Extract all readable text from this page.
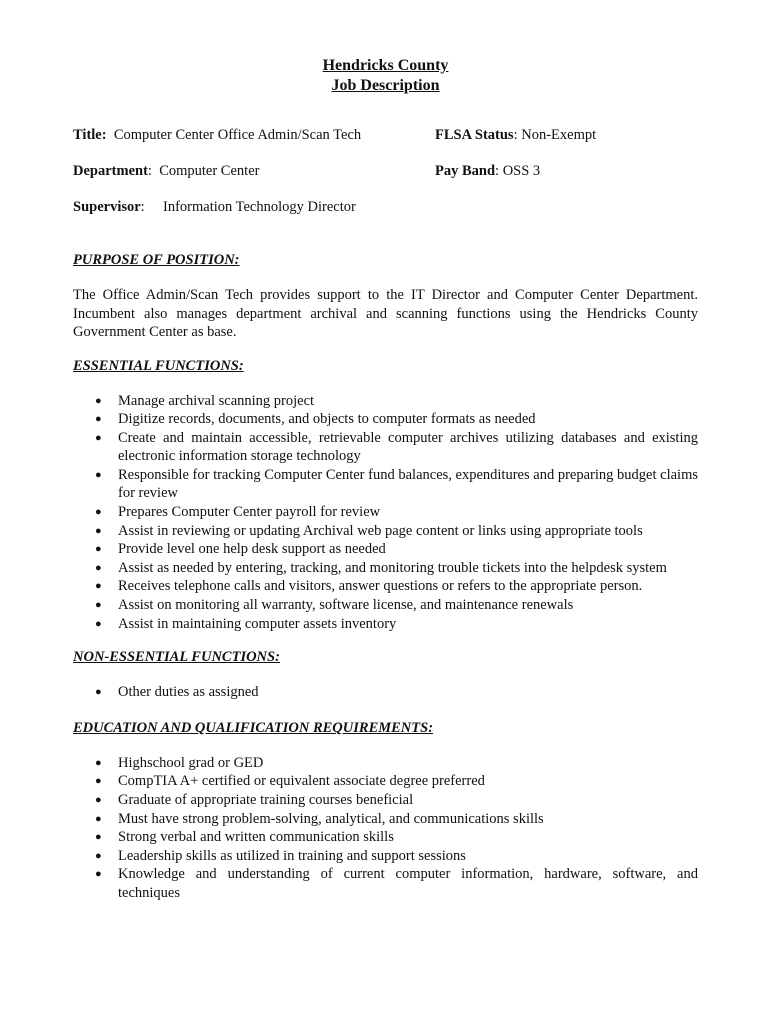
Hendricks County

Job Description

Title: Computer Center Office Admin/Scan Tech	FLSA Status: Non-Exempt
Department:  Computer Center	Pay Band: OSS 3
Supervisor: Information Technology Director

PURPOSE OF POSITION:

The Office Admin/Scan Tech provides support to the IT Director and Computer Center Department. Incumbent also manages department archival and scanning functions using the Hendricks County Government Center as base.

ESSENTIAL FUNCTIONS:

● Manage archival scanning project
● Digitize records, documents, and objects to computer formats as needed
● Create and maintain accessible, retrievable computer archives utilizing databases and existing electronic information storage technology
● Responsible for tracking Computer Center fund balances, expenditures and preparing budget claims for review
● Prepares Computer Center payroll for review
● Assist in reviewing or updating Archival web page content or links using appropriate tools
● Provide level one help desk support as needed
● Assist as needed by entering, tracking, and monitoring trouble tickets into the helpdesk system
● Receives telephone calls and visitors, answer questions or refers to the appropriate person.
● Assist on monitoring all warranty, software license, and maintenance renewals
● Assist in maintaining computer assets inventory

NON-ESSENTIAL FUNCTIONS:

● Other duties as assigned

EDUCATION AND QUALIFICATION REQUIREMENTS:

● Highschool grad or GED
● CompTIA A+ certified or equivalent associate degree preferred
● Graduate of appropriate training courses beneficial
● Must have strong problem-solving, analytical, and communications skills
● Strong verbal and written communication skills
● Leadership skills as utilized in training and support sessions
● Knowledge and understanding of current computer information, hardware, software, and techniques
